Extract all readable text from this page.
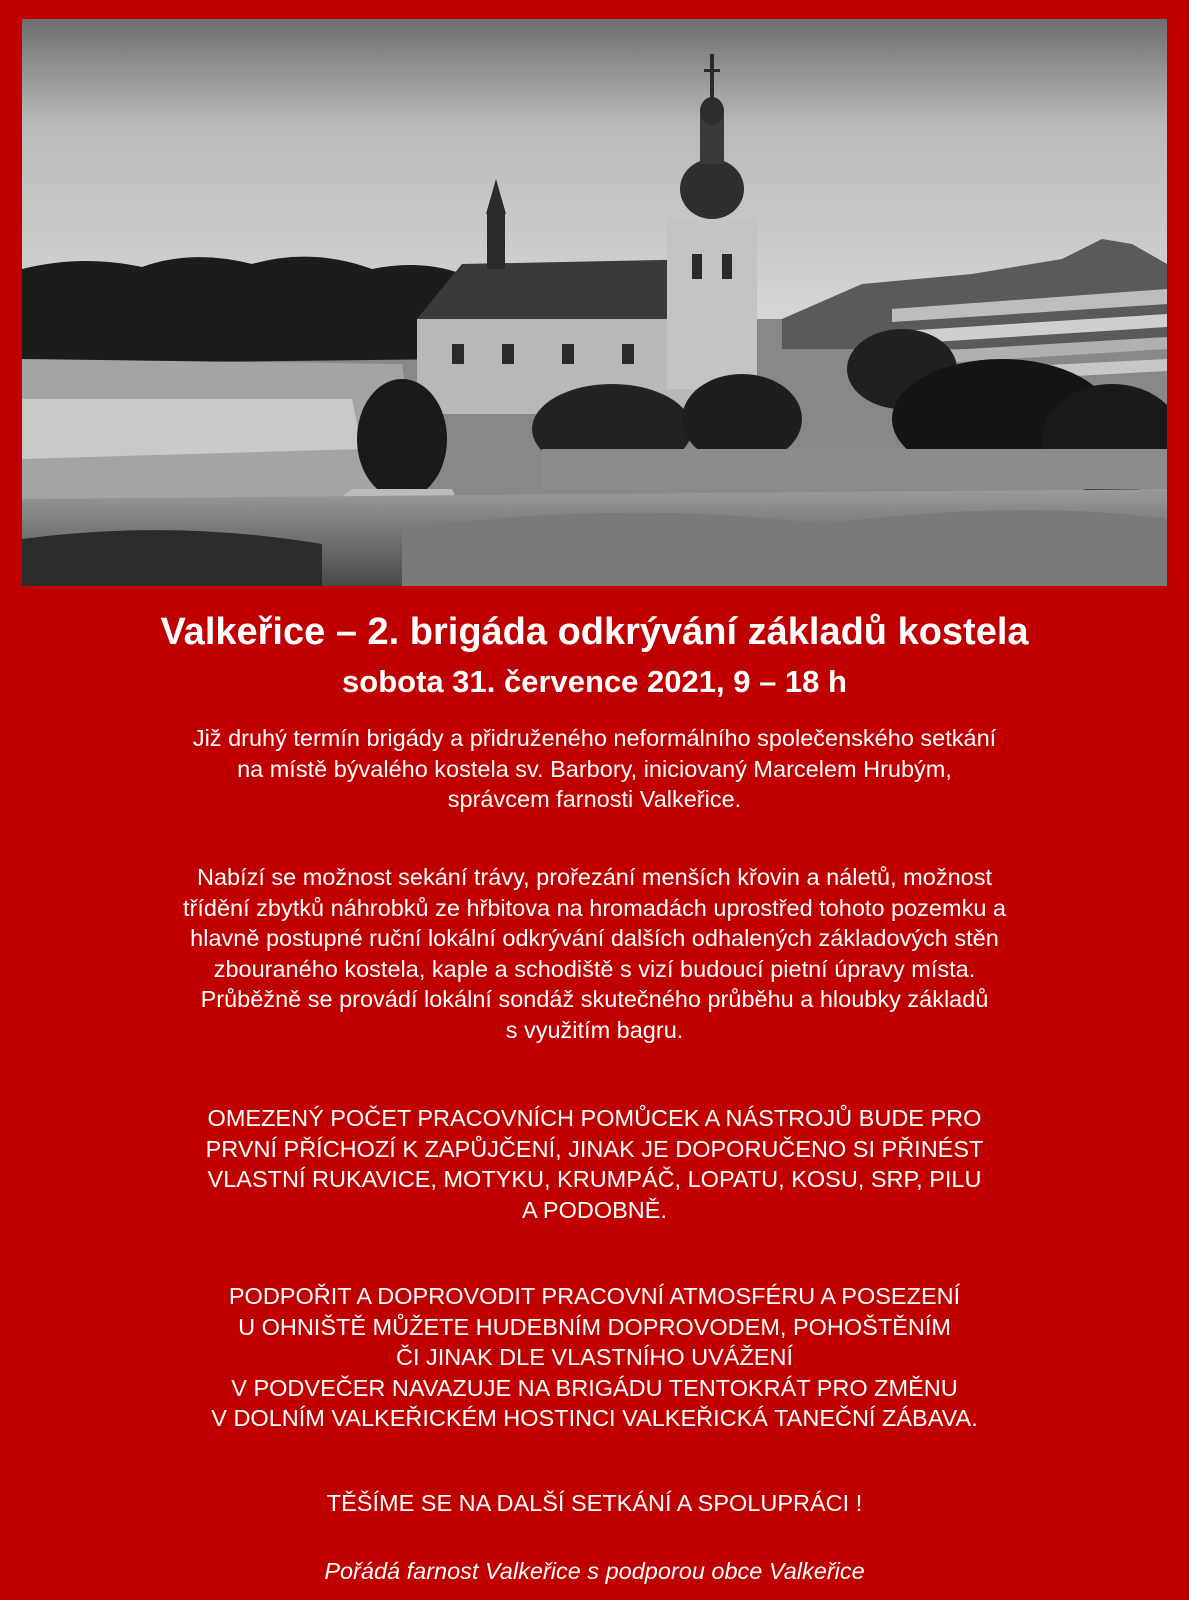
Valkeřice – 2. brigáda odkrývání základů kostela
sobota 31. července 2021, 9 – 18 h
Již druhý termín brigády a přidruženého neformálního společenského setkání
na místě bývalého kostela sv. Barbory, iniciovaný Marcelem Hrubým,
správcem farnosti Valkeřice.
Nabízí se možnost sekání trávy, prořezání menších křovin a náletů, možnost
třídění zbytků náhrobků ze hřbitova na hromadách uprostřed tohoto pozemku a
hlavně postupné ruční lokální odkrývání dalších odhalených základových stěn
zbouraného kostela, kaple a schodiště s vizí budoucí pietní úpravy místa.
Průběžně se provádí lokální sondáž skutečného průběhu a hloubky základů
s využitím bagru.
OMEZENÝ POČET PRACOVNÍCH POMŮCEK A NÁSTROJŮ BUDE PRO
PRVNÍ PŘÍCHOZÍ K ZAPŮJČENÍ, JINAK JE DOPORUČENO SI PŘINÉST
VLASTNÍ RUKAVICE, MOTYKU, KRUMPÁČ, LOPATU, KOSU, SRP, PILU
A PODOBNĚ.
PODPOŘIT A DOPROVODIT PRACOVNÍ ATMOSFÉRU A POSEZENÍ
U OHNIŠTĚ MŮŽETE HUDEBNÍM DOPROVODEM, POHOŠTĚNÍM
ČI JINAK DLE VLASTNÍHO UVÁŽENÍ
V PODVEČER NAVAZUJE NA BRIGÁDU TENTOKRÁT PRO ZMĚNU
V DOLNÍM VALKEŘICKÉM HOSTINCI VALKEŘICKÁ TANEČNÍ ZÁBAVA.
TĚŠÍME SE NA DALŠÍ SETKÁNÍ A SPOLUPRÁCI !
Pořádá farnost Valkeřice s podporou obce Valkeřice
